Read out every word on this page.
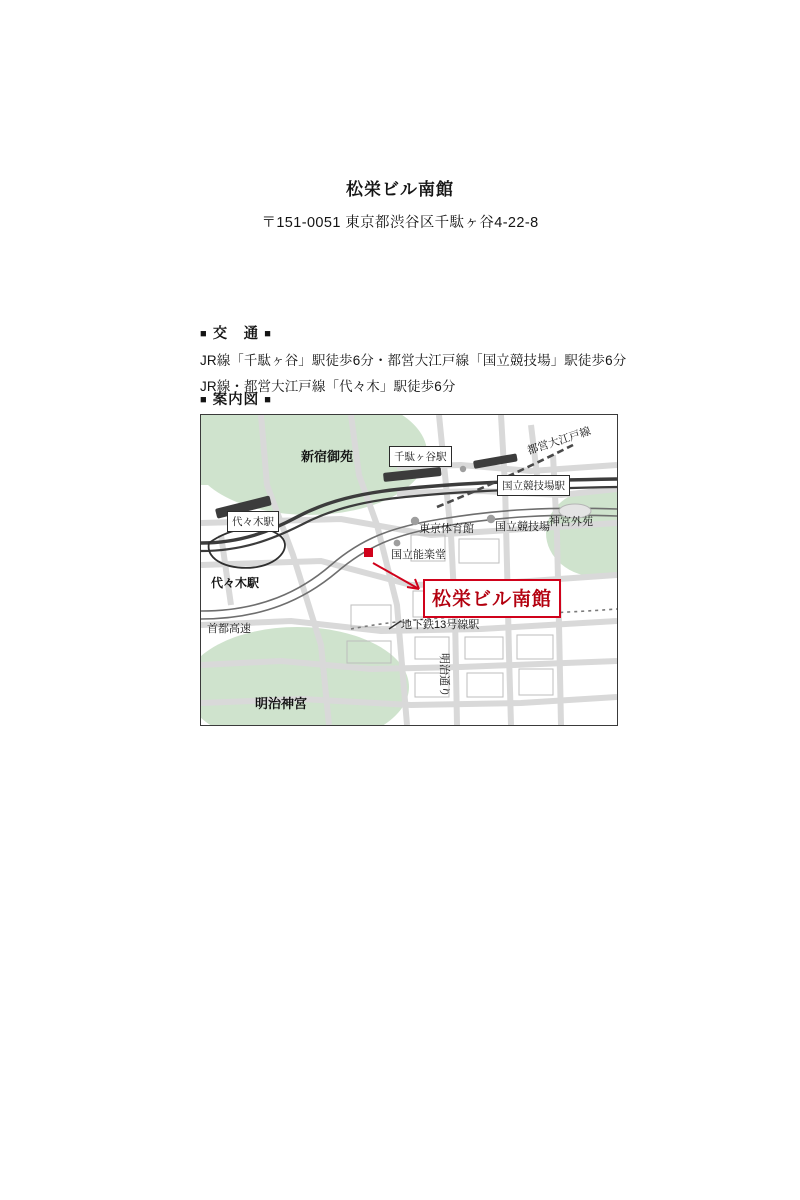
松栄ビル南館
〒151-0051 東京都渋谷区千駄ヶ谷4-22-8
■ 交　通 ■
JR線「千駄ヶ谷」駅徒歩6分・都営大江戸線「国立競技場」駅徒歩6分
JR線・都営大江戸線「代々木」駅徒歩6分
■ 案内図 ■
松栄ビル南館
新宿御苑
明治神宮
神宮外苑
千駄ヶ谷駅
国立競技場駅
代々木駅
都営大江戸線
東京体育館 国立競技場
国立能楽堂
代々木駅
首都高速	地下鉄13号線駅
明治通り
